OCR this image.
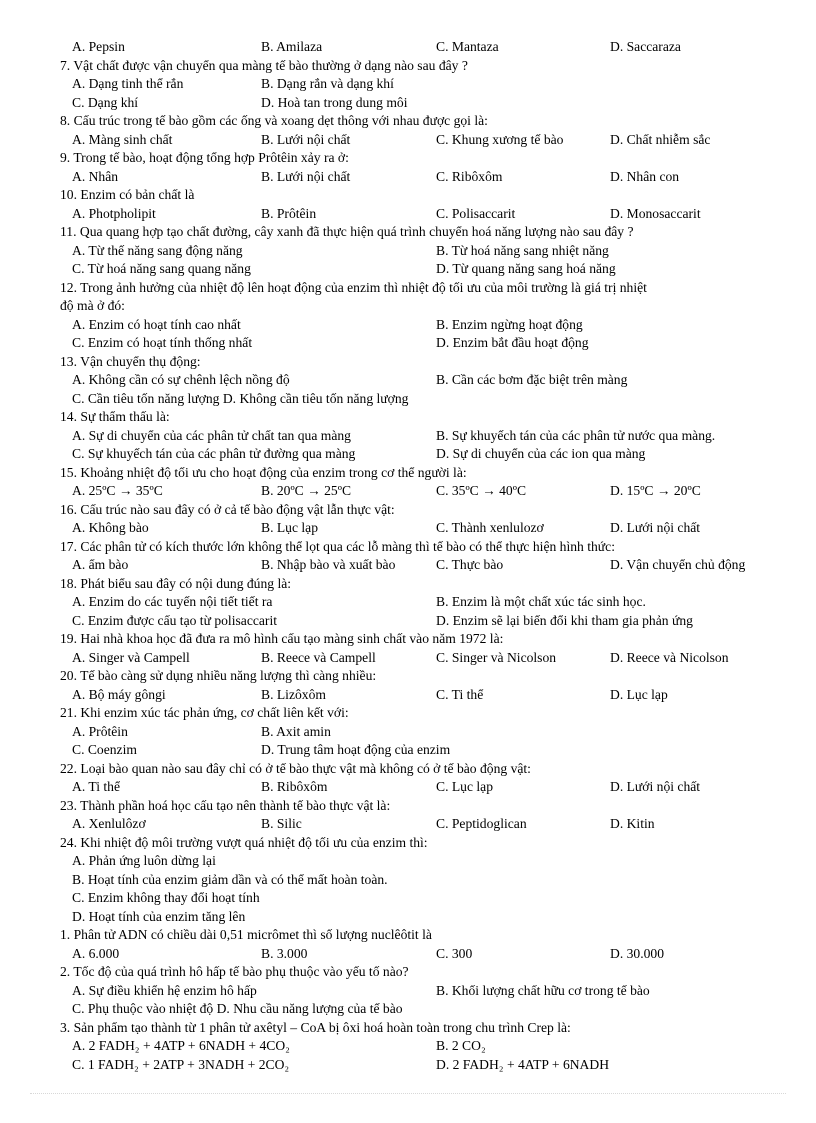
A. Pepsin	B. Amilaza	C. Mantaza	D. Saccaraza
7. Vật chất được vận chuyển qua màng tế bào thường ở dạng nào sau đây ?
A. Dạng tinh thể rắn	B. Dạng rắn và dạng khí
C. Dạng khí	D. Hoà tan trong dung môi
8. Cấu trúc trong tế bào gồm các ống và xoang dẹt thông với nhau được gọi là:
A. Màng sinh chất	B. Lưới nội chất	C. Khung xương tế bào	D. Chất nhiễm sắc
9. Trong tế bào, hoạt động tổng hợp Prôtêin xảy ra ở:
A. Nhân	B. Lưới nội chất	C. Ribôxôm	D. Nhân con
10. Enzim có bản chất là
A. Photpholipit	B. Prôtêin	C. Polisaccarit	D. Monosaccarit
11. Qua quang hợp tạo chất đường, cây xanh đã thực hiện quá trình chuyển hoá năng lượng nào sau đây ?
A. Từ thế năng sang động năng	B. Từ hoá năng sang nhiệt năng
C. Từ hoá năng sang quang năng	D. Từ quang năng sang hoá năng
12. Trong ảnh hưởng của nhiệt độ lên hoạt động của enzim thì nhiệt độ tối ưu của môi trường là giá trị nhiệt
độ mà ở đó:
A. Enzim có hoạt tính cao nhất	B. Enzim ngừng hoạt động
C. Enzim có hoạt tính thống nhất	D. Enzim bắt đầu hoạt động
13. Vận chuyển thụ động:
A. Không cần có sự chênh lệch nồng độ	B. Cần các bơm đặc biệt trên màng
C. Cần tiêu tốn năng lượng D. Không cần tiêu tốn năng lượng
14. Sự thẩm thấu là:
A. Sự di chuyển của các phân tử chất tan qua màng	B. Sự khuyếch tán của các phân tử nước qua màng.
C. Sự khuyếch tán của các phân tử đường qua màng	D. Sự di chuyển của các ion qua màng
15. Khoảng nhiệt độ tối ưu cho hoạt động của enzim trong cơ thể người là:
A. 25ºC → 35ºC	B. 20ºC → 25ºC	C. 35ºC → 40ºC	D. 15ºC → 20ºC
16. Cấu trúc nào sau đây có ở cả tế bào động vật lẫn thực vật:
A. Không bào	B. Lục lạp	C. Thành xenlulozơ	D. Lưới nội chất
17. Các phân tử có kích thước lớn không thể lọt qua các lỗ màng thì tế bào có thể thực hiện hình thức:
A. ẩm bào	B. Nhập bào và xuất bào	C. Thực bào	D. Vận chuyển chủ động
18. Phát biểu sau đây có nội dung đúng là:
A. Enzim do các tuyến nội tiết tiết ra	B. Enzim là một chất xúc tác sinh học.
C. Enzim được cấu tạo từ polisaccarit	D. Enzim sẽ lại biến đổi khi tham gia phản ứng
19. Hai nhà khoa học đã đưa ra mô hình cấu tạo màng sinh chất vào năm 1972 là:
A. Singer và Campell	B. Reece và Campell	C. Singer và Nicolson	D. Reece và Nicolson
20. Tế bào càng sử dụng nhiều năng lượng thì càng nhiều:
A. Bộ máy gôngi	B. Lizôxôm	C. Ti thể	D. Lục lạp
21. Khi enzim xúc tác phản ứng, cơ chất liên kết với:
A. Prôtêin	B. Axit amin
C. Coenzim	D. Trung tâm hoạt động của enzim
22. Loại bào quan nào sau đây chỉ có ở tế bào thực vật mà không có ở tế bào động vật:
A. Ti thể	B. Ribôxôm	C. Lục lạp	D. Lưới nội chất
23. Thành phần hoá học cấu tạo nên thành tế bào thực vật là:
A. Xenlulôzơ	B. Silic	C. Peptidoglican	D. Kitin
24. Khi nhiệt độ môi trường vượt quá nhiệt độ tối ưu của enzim thì:
A. Phản ứng luôn dừng lại
B. Hoạt tính của enzim giảm dần và có thể mất hoàn toàn.
C. Enzim không thay đổi hoạt tính
D. Hoạt tính của enzim tăng lên
1. Phân tử ADN có chiều dài 0,51 micrômet thì số lượng nuclêôtit là
A. 6.000	B. 3.000	C. 300	D. 30.000
2. Tốc độ của quá trình hô hấp tế bào phụ thuộc vào yếu tố nào?
A. Sự điều khiển hệ enzim hô hấp	B. Khối lượng chất hữu cơ trong tế bào
C. Phụ thuộc vào nhiệt độ D. Nhu cầu năng lượng của tế bào
3. Sản phẩm tạo thành từ 1 phân tử axêtyl – CoA bị ôxi hoá hoàn toàn trong chu trình Crep là:
A. 2 FADH₂ + 4ATP + 6NADH + 4CO₂	B. 2 CO₂
C. 1 FADH₂ + 2ATP + 3NADH + 2CO₂	D. 2 FADH₂ + 4ATP + 6NADH
